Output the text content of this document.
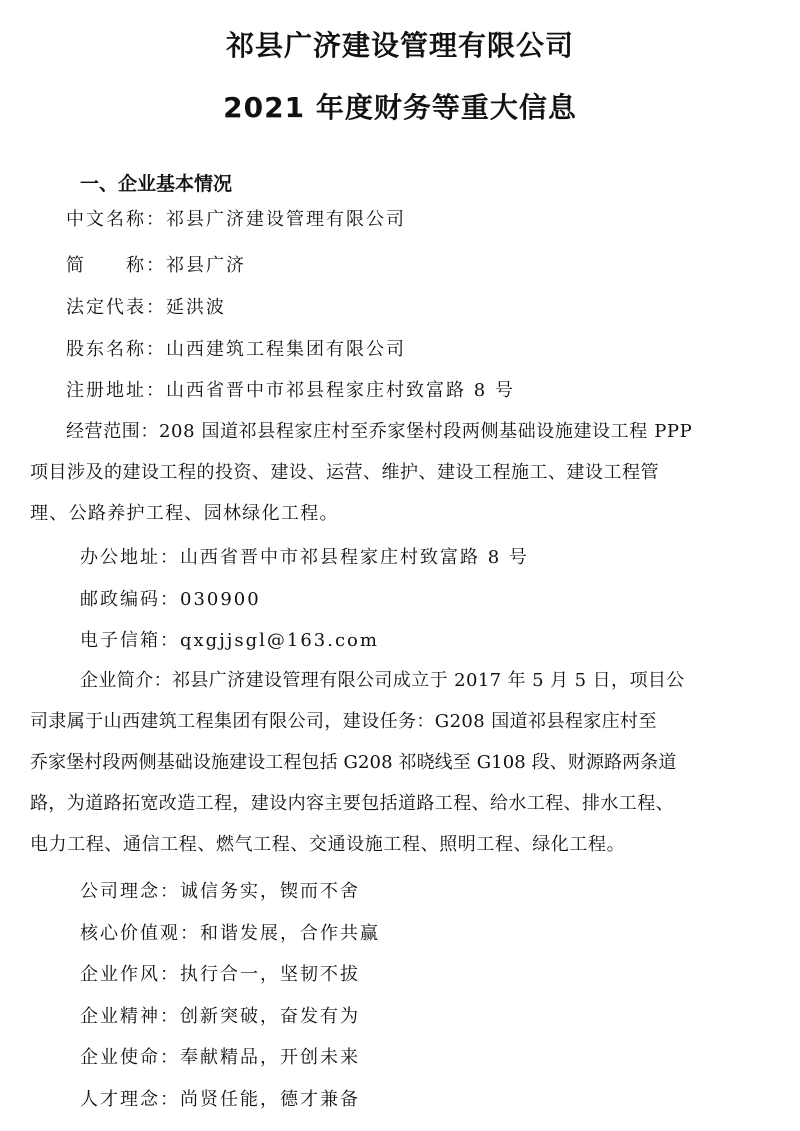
祁县广济建设管理有限公司
2021 年度财务等重大信息
一、企业基本情况
中文名称：祁县广济建设管理有限公司
简　　称：祁县广济
法定代表：延洪波
股东名称：山西建筑工程集团有限公司
注册地址：山西省晋中市祁县程家庄村致富路 8 号
经营范围：208 国道祁县程家庄村至乔家堡村段两侧基础设施建设工程 PPP
项目涉及的建设工程的投资、建设、运营、维护、建设工程施工、建设工程管
理、公路养护工程、园林绿化工程。
办公地址：山西省晋中市祁县程家庄村致富路 8 号
邮政编码：030900
电子信箱：qxgjjsgl@163.com
企业简介：祁县广济建设管理有限公司成立于 2017 年 5 月 5 日，项目公
司隶属于山西建筑工程集团有限公司，建设任务：G208 国道祁县程家庄村至
乔家堡村段两侧基础设施建设工程包括 G208 祁晓线至 G108 段、财源路两条道
路，为道路拓宽改造工程，建设内容主要包括道路工程、给水工程、排水工程、
电力工程、通信工程、燃气工程、交通设施工程、照明工程、绿化工程。
公司理念：诚信务实，锲而不舍
核心价值观：和谐发展，合作共赢
企业作风：执行合一，坚韧不拔
企业精神：创新突破，奋发有为
企业使命：奉献精品，开创未来
人才理念：尚贤任能，德才兼备
